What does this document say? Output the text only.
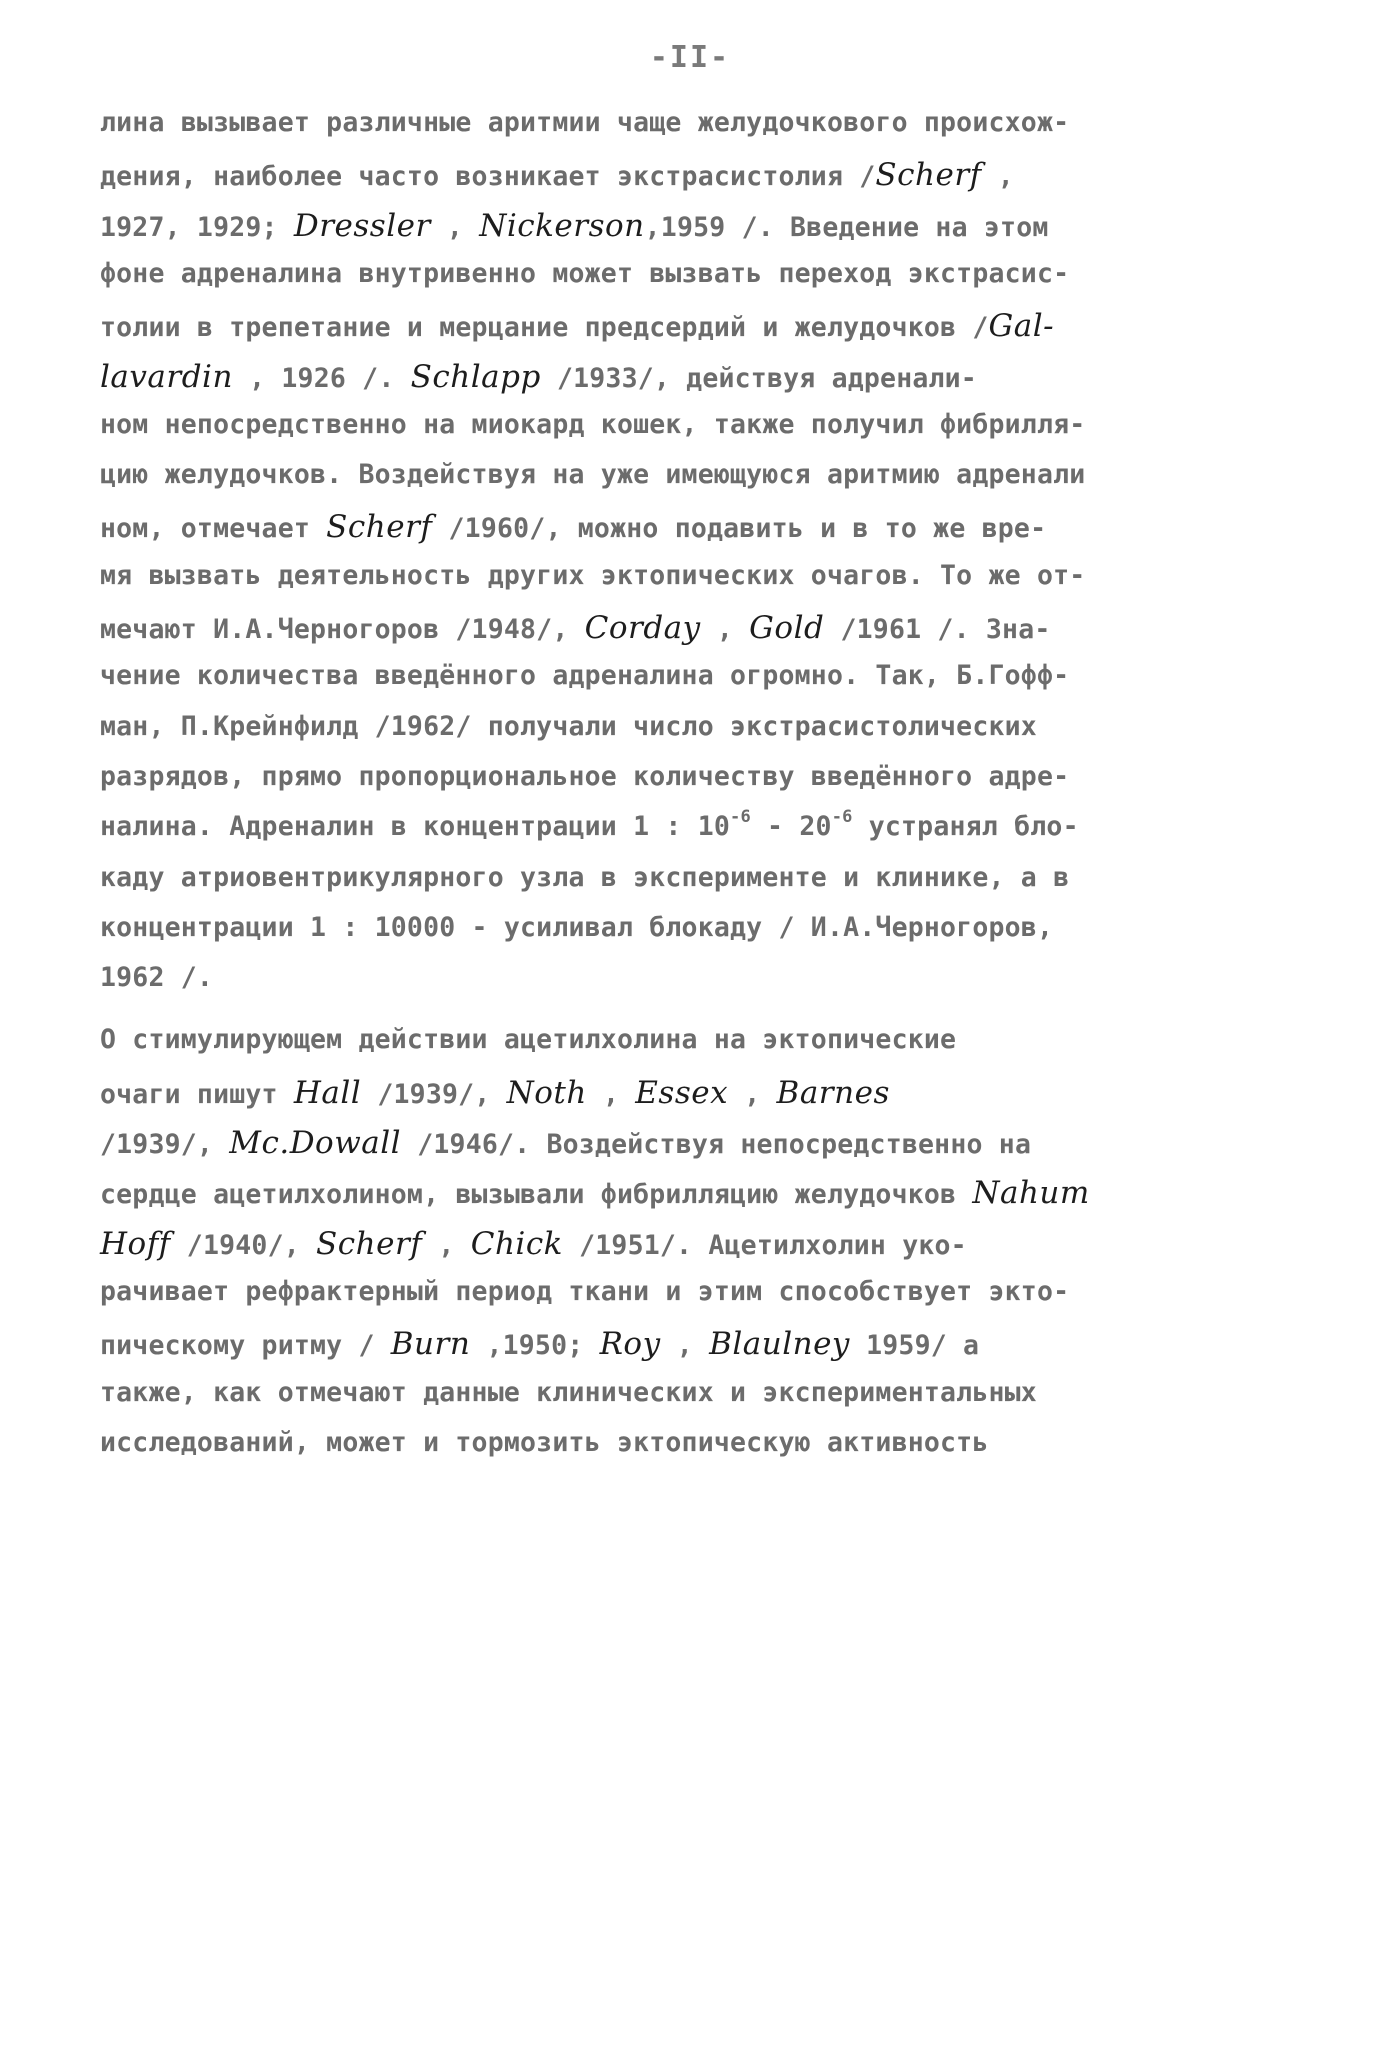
-II-
лина вызывает различные аритмии чаще желудочкового происхож-
дения, наиболее часто возникает экстрасистолия /Scherf ,
1927, 1929; Dressler , Nickerson,1959 /. Введение на этом
фоне адреналина внутривенно может вызвать переход экстрасис-
толии в трепетание и мерцание предсердий и желудочков /Gal-
lavardin , 1926 /. Schlapp /1933/, действуя адренали-
ном непосредственно на миокард кошек, также получил фибрилля-
цию желудочков. Воздействуя на уже имеющуюся аритмию адренали
ном, отмечает Scherf /1960/, можно подавить и в то же вре-
мя вызвать деятельность других эктопических очагов. То же от-
мечают И.А.Черногоров /1948/, Corday , Gold /1961 /. Зна-
чение количества введённого адреналина огромно. Так, Б.Гофф-
ман, П.Крейнфилд /1962/ получали число экстрасистолических
разрядов, прямо пропорциональное количеству введённого адре-
налина. Адреналин в концентрации 1 : $10^{-6} - 20^{-6}$ устранял бло-
каду атриовентрикулярного узла в эксперименте и клинике, а в
концентрации 1 : 10000 - усиливал блокаду / И.А.Черногоров,
1962 /.
О стимулирующем действии ацетилхолина на эктопические
очаги пишут Hall /1939/, Noth , Essex , Barnes
/1939/, Mc.Dowall /1946/. Воздействуя непосредственно на
сердце ацетилхолином, вызывали фибрилляцию желудочков Nahum
Hoff /1940/, Scherf , Chick /1951/. Ацетилхолин уко-
рачивает рефрактерный период ткани и этим способствует экто-
пическому ритму / Burn ,1950; Roy , Blaulney 1959/ а
также, как отмечают данные клинических и экспериментальных
исследований, может и тормозить эктопическую активность
